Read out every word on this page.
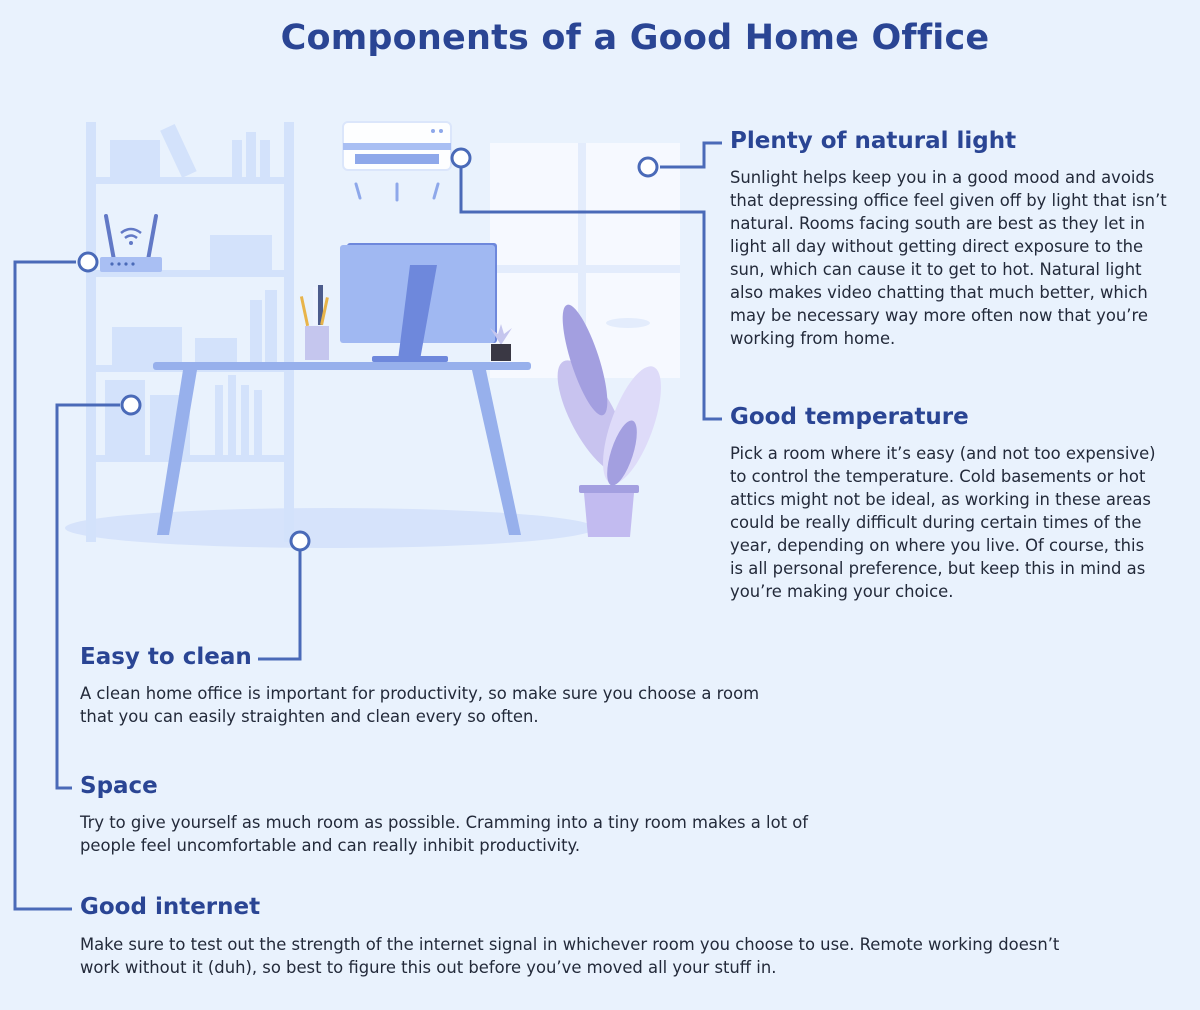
Components of a Good Home Office
Plenty of natural light
Sunlight helps keep you in a good mood and avoids that depressing office feel given off by light that isn’t natural. Rooms facing south are best as they let in light all day without getting direct exposure to the sun, which can cause it to get to hot. Natural light also makes video chatting that much better, which may be necessary way more often now that you’re working from home.
Good temperature
Pick a room where it’s easy (and not too expensive) to control the temperature. Cold basements or hot attics might not be ideal, as working in these areas could be really difficult during certain times of the year, depending on where you live. Of course, this is all personal preference, but keep this in mind as you’re making your choice.
Easy to clean
A clean home office is important for productivity, so make sure you choose a room that you can easily straighten and clean every so often.
Space
Try to give yourself as much room as possible. Cramming into a tiny room makes a lot of people feel uncomfortable and can really inhibit productivity.
Good internet
Make sure to test out the strength of the internet signal in whichever room you choose to use. Remote working doesn’t work without it (duh), so best to figure this out before you’ve moved all your stuff in.
